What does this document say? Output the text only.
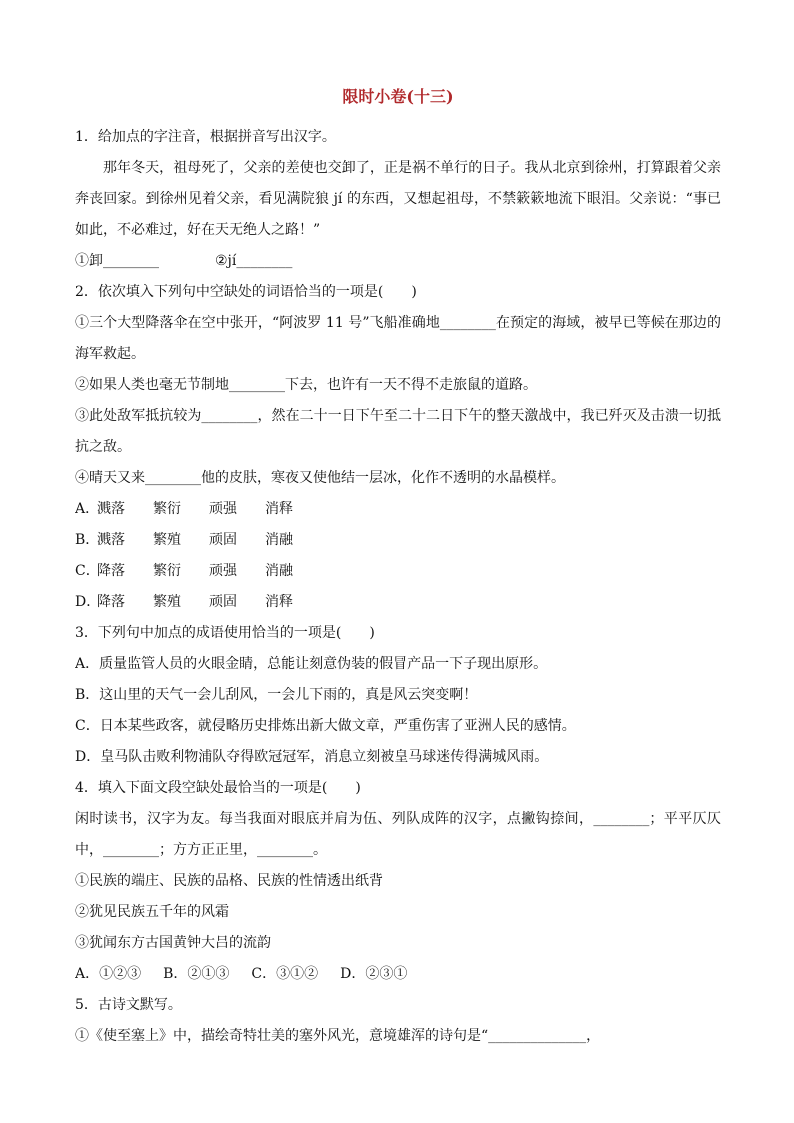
限时小卷(十三)
1．给加点的字注音，根据拼音写出汉字。
那年冬天，祖母死了，父亲的差使也交卸了，正是祸不单行的日子。我从北京到徐州，打算跟着父亲奔丧回家。到徐州见着父亲，看见满院狼 jí 的东西，又想起祖母，不禁簌簌地流下眼泪。父亲说：“事已如此，不必难过，好在天无绝人之路！”
①卸________	②jí________
2．依次填入下列句中空缺处的词语恰当的一项是(　　)
①三个大型降落伞在空中张开，“阿波罗 11 号”飞船准确地________在预定的海域，被早已等候在那边的海军救起。
②如果人类也毫无节制地________下去，也许有一天不得不走旅鼠的道路。
③此处敌军抵抗较为________，然在二十一日下午至二十二日下午的整天激战中，我已歼灭及击溃一切抵抗之敌。
④晴天又来________他的皮肤，寒夜又使他结一层冰，化作不透明的水晶模样。
A．溅落 繁衍 顽强 消释
B．溅落 繁殖 顽固 消融
C．降落 繁衍 顽强 消融
D．降落 繁殖 顽固 消释
3．下列句中加点的成语使用恰当的一项是(　　)
A．质量监管人员的火眼金睛，总能让刻意伪装的假冒产品一下子现出原形。
B．这山里的天气一会儿刮风，一会儿下雨的，真是风云突变啊！
C．日本某些政客，就侵略历史排炼出新大做文章，严重伤害了亚洲人民的感情。
D．皇马队击败利物浦队夺得欧冠冠军，消息立刻被皇马球迷传得满城风雨。
4．填入下面文段空缺处最恰当的一项是(　　)
闲时读书，汉字为友。每当我面对眼底并肩为伍、列队成阵的汉字，点撇钩捺间，________；平平仄仄中，________；方方正正里，________。
①民族的端庄、民族的品格、民族的性情透出纸背
②犹见民族五千年的风霜
③犹闻东方古国黄钟大吕的流韵
A．①②③ B．②①③ C．③①② D．②③①
5．古诗文默写。
①《使至塞上》中，描绘奇特壮美的塞外风光，意境雄浑的诗句是“______________，
